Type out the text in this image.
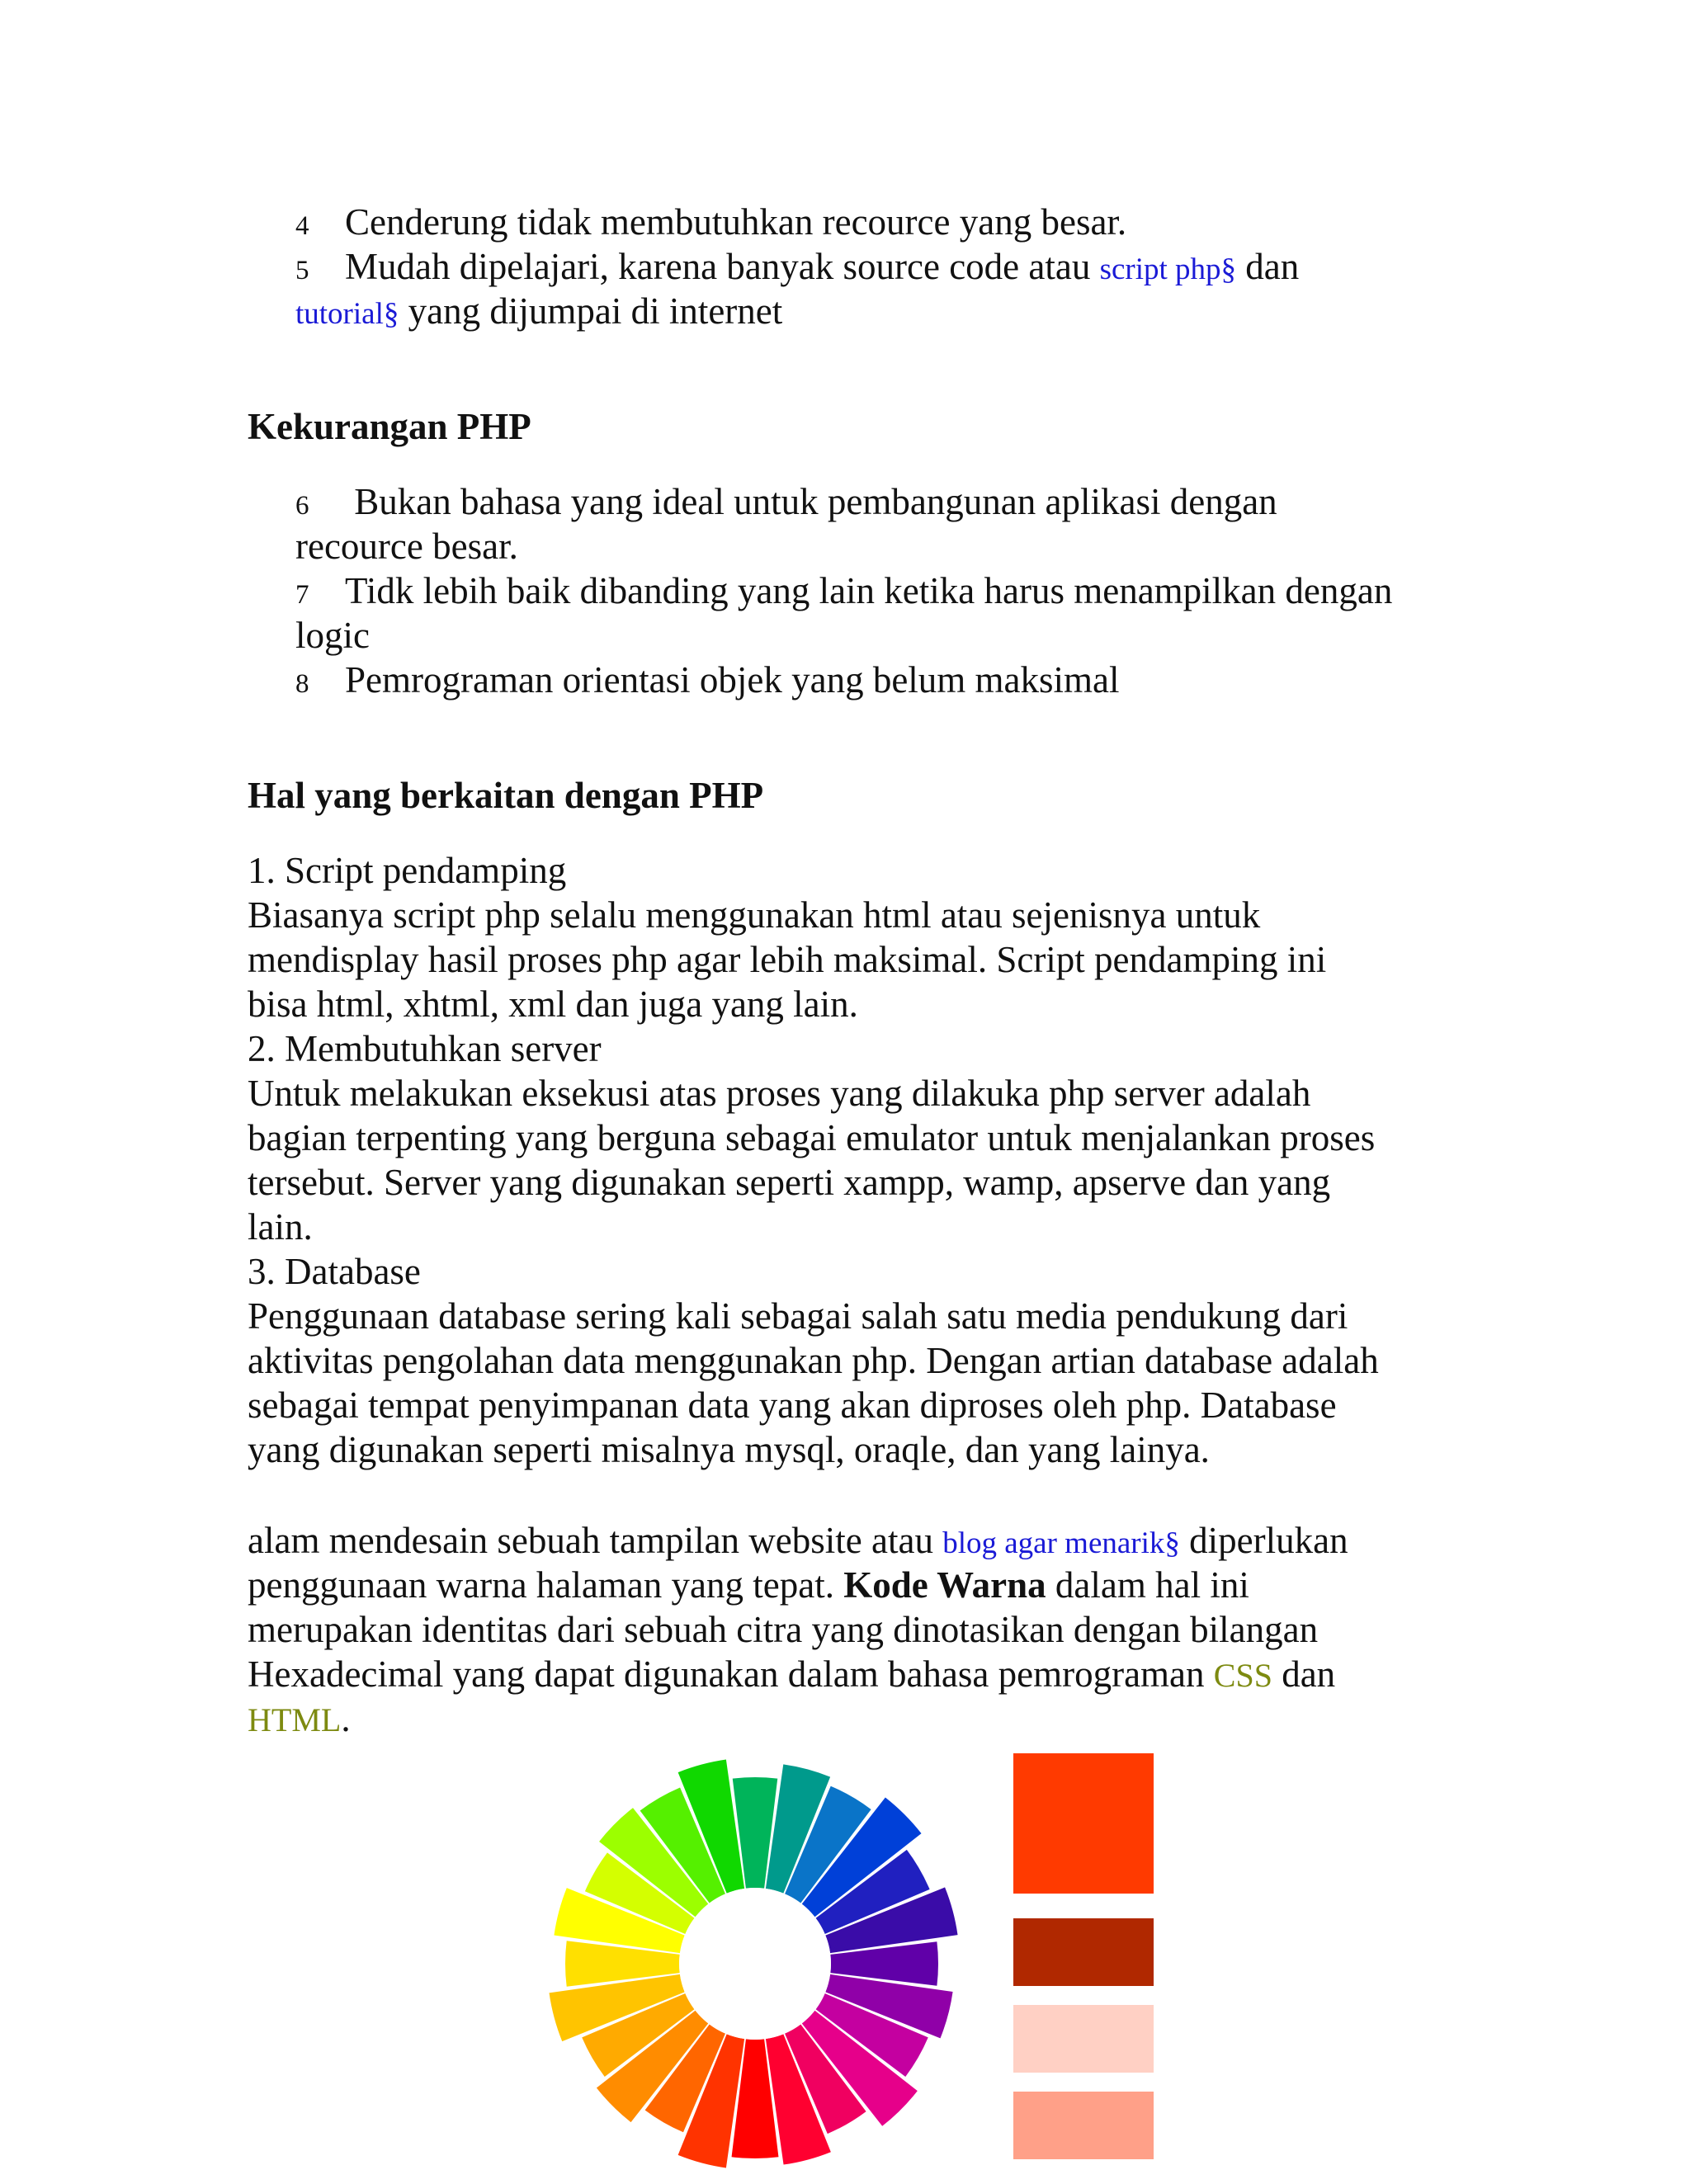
4 Cenderung tidak membutuhkan recource yang besar.
5 Mudah dipelajari, karena banyak source code atau script php§ dan
tutorial§ yang dijumpai di internet
Kekurangan PHP
6 Bukan bahasa yang ideal untuk pembangunan aplikasi dengan
recource besar.
7 Tidk lebih baik dibanding yang lain ketika harus menampilkan dengan
logic
8 Pemrograman orientasi objek yang belum maksimal
Hal yang berkaitan dengan PHP
1. Script pendamping
Biasanya script php selalu menggunakan html atau sejenisnya untuk
mendisplay hasil proses php agar lebih maksimal. Script pendamping ini
bisa html, xhtml, xml dan juga yang lain.
2. Membutuhkan server
Untuk melakukan eksekusi atas proses yang dilakuka php server adalah
bagian terpenting yang berguna sebagai emulator untuk menjalankan proses
tersebut. Server yang digunakan seperti xampp, wamp, apserve dan yang
lain.
3. Database
Penggunaan database sering kali sebagai salah satu media pendukung dari
aktivitas pengolahan data menggunakan php. Dengan artian database adalah
sebagai tempat penyimpanan data yang akan diproses oleh php. Database
yang digunakan seperti misalnya mysql, oraqle, dan yang lainya.
alam mendesain sebuah tampilan website atau blog agar menarik§ diperlukan
penggunaan warna halaman yang tepat. Kode Warna dalam hal ini
merupakan identitas dari sebuah citra yang dinotasikan dengan bilangan
Hexadecimal yang dapat digunakan dalam bahasa pemrograman CSS dan
HTML.
